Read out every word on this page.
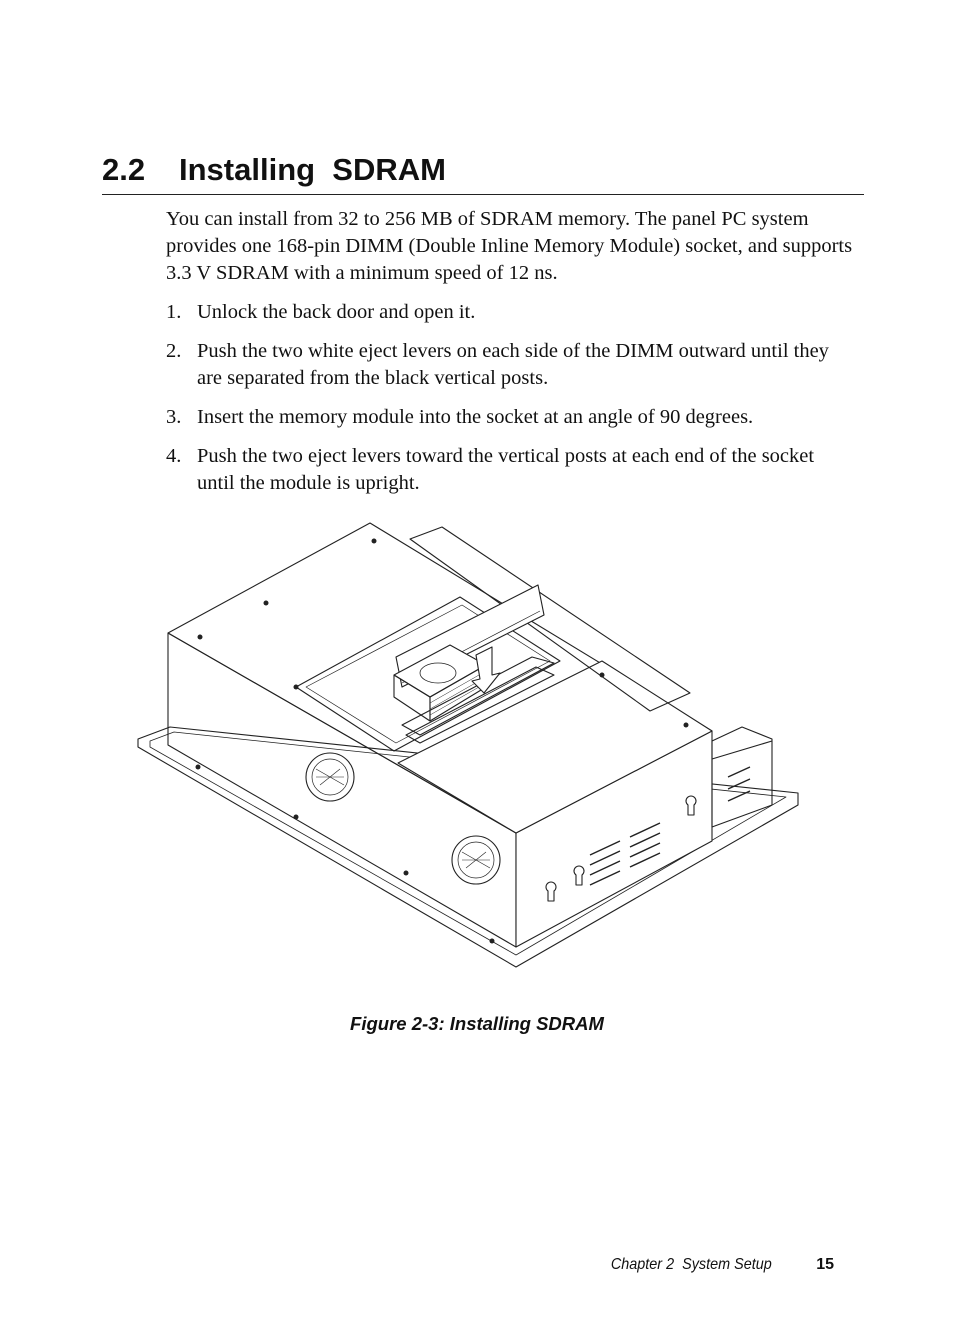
2.2 Installing  SDRAM

You can install from 32 to 256 MB of SDRAM memory. The panel PC system provides one 168-pin DIMM (Double Inline Memory Module) socket, and supports 3.3 V SDRAM with a minimum speed of 12 ns.

1. Unlock the back door and open it.
2. Push the two white eject levers on each side of the DIMM outward until they are separated from the black vertical posts.
3. Insert the memory module into the socket at an angle of 90 degrees.
4. Push the two eject levers toward the vertical posts at each end of the socket until the module is upright.
Figure 2-3: Installing SDRAM
Chapter 2  System Setup	15
